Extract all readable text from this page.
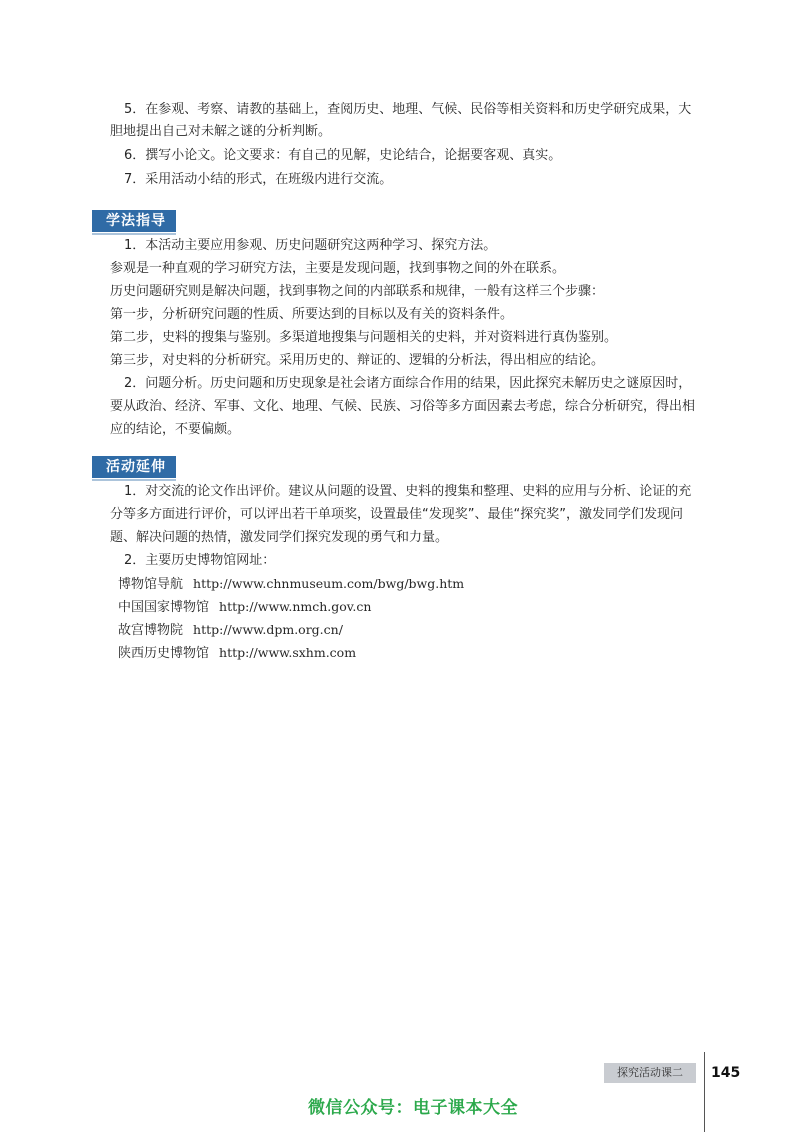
5．在参观、考察、请教的基础上，查阅历史、地理、气候、民俗等相关资料和历史学研究成果，大
胆地提出自己对未解之谜的分析判断。
6．撰写小论文。论文要求：有自己的见解，史论结合，论据要客观、真实。
7．采用活动小结的形式，在班级内进行交流。
学法指导
1．本活动主要应用参观、历史问题研究这两种学习、探究方法。
参观是一种直观的学习研究方法，主要是发现问题，找到事物之间的外在联系。
历史问题研究则是解决问题，找到事物之间的内部联系和规律，一般有这样三个步骤：
第一步，分析研究问题的性质、所要达到的目标以及有关的资料条件。
第二步，史料的搜集与鉴别。多渠道地搜集与问题相关的史料，并对资料进行真伪鉴别。
第三步，对史料的分析研究。采用历史的、辩证的、逻辑的分析法，得出相应的结论。
2．问题分析。历史问题和历史现象是社会诸方面综合作用的结果，因此探究未解历史之谜原因时，
要从政治、经济、军事、文化、地理、气候、民族、习俗等多方面因素去考虑，综合分析研究，得出相
应的结论，不要偏颇。
活动延伸
1．对交流的论文作出评价。建议从问题的设置、史料的搜集和整理、史料的应用与分析、论证的充
分等多方面进行评价，可以评出若干单项奖，设置最佳“发现奖”、最佳“探究奖”，激发同学们发现问
题、解决问题的热情，激发同学们探究发现的勇气和力量。
2．主要历史博物馆网址：
博物馆导航 http://www.chnmuseum.com/bwg/bwg.htm
中国国家博物馆 http://www.nmch.gov.cn
故宫博物院 http://www.dpm.org.cn/
陕西历史博物馆 http://www.sxhm.com
探究活动课二	145
微信公众号：电子课本大全
